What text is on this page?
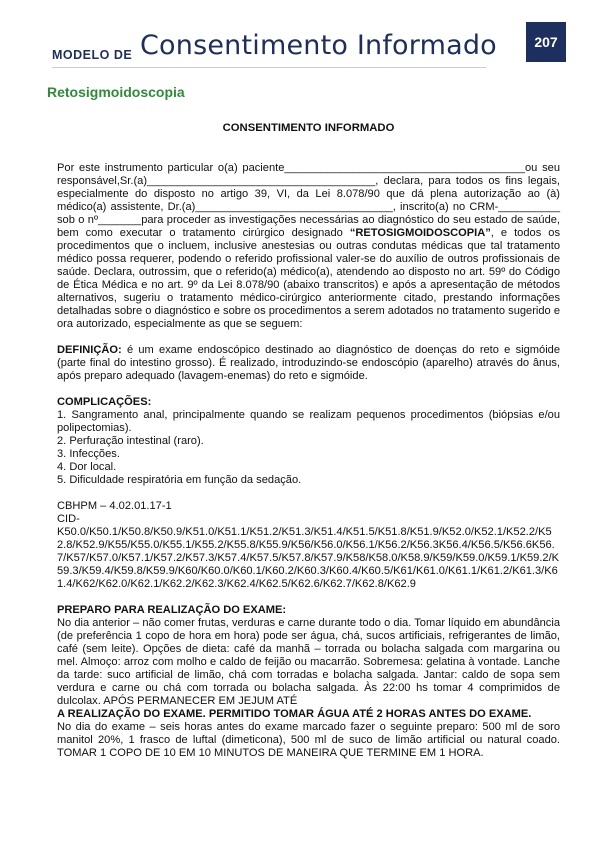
MODELO DE Consentimento Informado	207
Retosigmoidoscopia
CONSENTIMENTO INFORMADO

Por este instrumento particular o(a) paciente_______________________________________ou seu responsável,Sr.(a)_____________________________________, declara, para todos os fins legais, especialmente do disposto no artigo 39, VI, da Lei 8.078/90 que dá plena autorização ao (à) médico(a) assistente, Dr.(a)________________________________, inscrito(a) no CRM-__________ sob o nº_______para proceder as investigações necessárias ao diagnóstico do seu estado de saúde, bem como executar o tratamento cirúrgico designado “RETOSIGMOIDOSCOPIA”, e todos os procedimentos que o incluem, inclusive anestesias ou outras condutas médicas que tal tratamento médico possa requerer, podendo o referido profissional valer-se do auxílio de outros profissionais de saúde. Declara, outrossim, que o referido(a) médico(a), atendendo ao disposto no art. 59º do Código de Ética Médica e no art. 9º da Lei 8.078/90 (abaixo transcritos) e após a apresentação de métodos alternativos, sugeriu o tratamento médico-cirúrgico anteriormente citado, prestando informações detalhadas sobre o diagnóstico e sobre os procedimentos a serem adotados no tratamento sugerido e ora autorizado, especialmente as que se seguem:

DEFINIÇÃO: é um exame endoscópico destinado ao diagnóstico de doenças do reto e sigmóide (parte final do intestino grosso). É realizado, introduzindo-se endoscópio (aparelho) através do ânus, após preparo adequado (lavagem-enemas) do reto e sigmóide.

COMPLICAÇÕES:

1. Sangramento anal, principalmente quando se realizam pequenos procedimentos (biópsias e/ou polipectomias).

2. Perfuração intestinal (raro).

3. Infecções.

4. Dor local.

5. Dificuldade respiratória em função da sedação.

CBHPM – 4.02.01.17-1

CID-

K50.0/K50.1/K50.8/K50.9/K51.0/K51.1/K51.2/K51.3/K51.4/K51.5/K51.8/K51.9/K52.0/K52.1/K52.2/K52.8/K52.9/K55/K55.0/K55.1/K55.2/K55.8/K55.9/K56/K56.0/K56.1/K56.2/K56.3K56.4/K56.5/K56.6K56.7/K57/K57.0/K57.1/K57.2/K57.3/K57.4/K57.5/K57.8/K57.9/K58/K58.0/K58.9/K59/K59.0/K59.1/K59.2/K59.3/K59.4/K59.8/K59.9/K60/K60.0/K60.1/K60.2/K60.3/K60.4/K60.5/K61/K61.0/K61.1/K61.2/K61.3/K61.4/K62/K62.0/K62.1/K62.2/K62.3/K62.4/K62.5/K62.6/K62.7/K62.8/K62.9

PREPARO PARA REALIZAÇÃO DO EXAME:

No dia anterior – não comer frutas, verduras e carne durante todo o dia. Tomar líquido em abundância (de preferência 1 copo de hora em hora) pode ser água, chá, sucos artificiais, refrigerantes de limão, café (sem leite). Opções de dieta: café da manhã – torrada ou bolacha salgada com margarina ou mel. Almoço: arroz com molho e caldo de feijão ou macarrão. Sobremesa: gelatina à vontade. Lanche da tarde: suco artificial de limão, chá com torradas e bolacha salgada. Jantar: caldo de sopa sem verdura e carne ou chá com torrada ou bolacha salgada. Às 22:00 hs tomar 4 comprimidos de dulcolax. APÓS PERMANECER EM JEJUM ATÉ

A REALIZAÇÃO DO EXAME. PERMITIDO TOMAR ÁGUA ATÉ 2 HORAS ANTES DO EXAME.

No dia do exame – seis horas antes do exame marcado fazer o seguinte preparo: 500 ml de soro manitol 20%, 1 frasco de luftal (dimeticona), 500 ml de suco de limão artificial ou natural coado. TOMAR 1 COPO DE 10 EM 10 MINUTOS DE MANEIRA QUE TERMINE EM 1 HORA.
